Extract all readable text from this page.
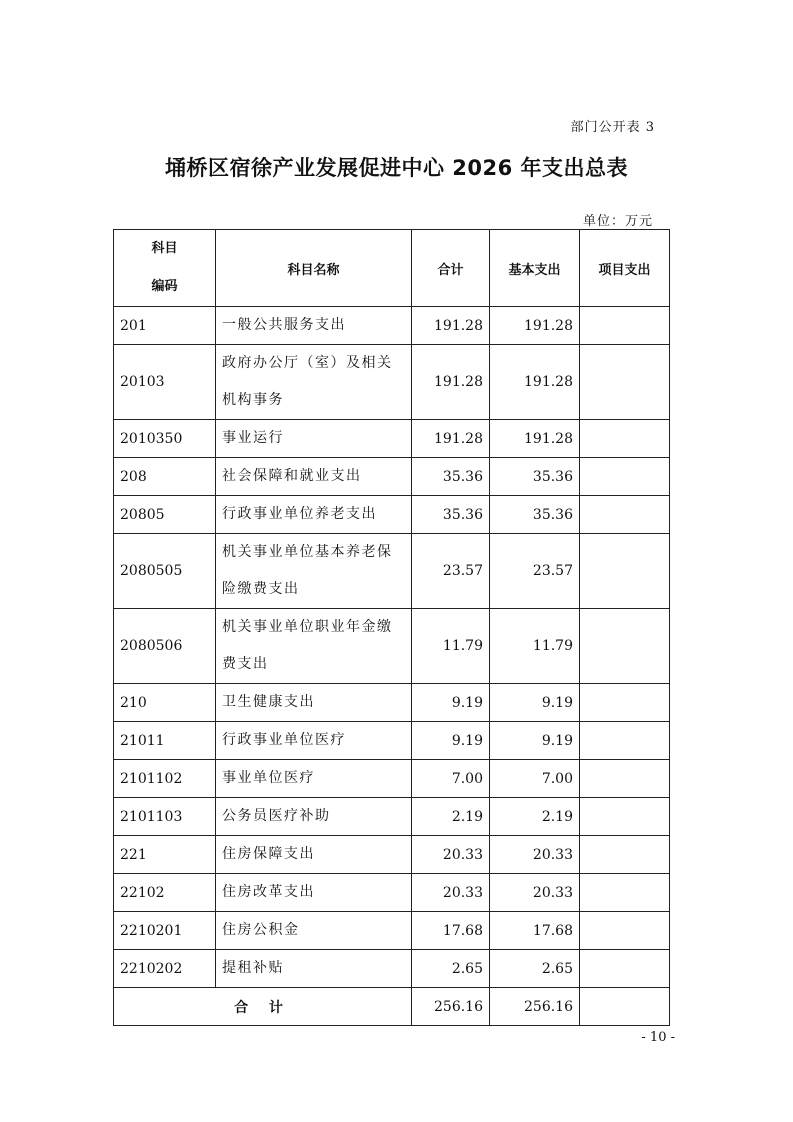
部门公开表 3
埇桥区宿徐产业发展促进中心 2026 年支出总表
单位：万元
科目
编码	科目名称	合计	基本支出	项目支出
201	一般公共服务支出	191.28	191.28	
20103	政府办公厅（室）及相关机构事务	191.28	191.28	
2010350	事业运行	191.28	191.28	
208	社会保障和就业支出	35.36	35.36	
20805	行政事业单位养老支出	35.36	35.36	
2080505	机关事业单位基本养老保险缴费支出	23.57	23.57	
2080506	机关事业单位职业年金缴费支出	11.79	11.79	
210	卫生健康支出	9.19	9.19	
21011	行政事业单位医疗	9.19	9.19	
2101102	事业单位医疗	7.00	7.00	
2101103	公务员医疗补助	2.19	2.19	
221	住房保障支出	20.33	20.33	
22102	住房改革支出	20.33	20.33	
2210201	住房公积金	17.68	17.68	
2210202	提租补贴	2.65	2.65	
合 计		256.16	256.16	
- 10 -
